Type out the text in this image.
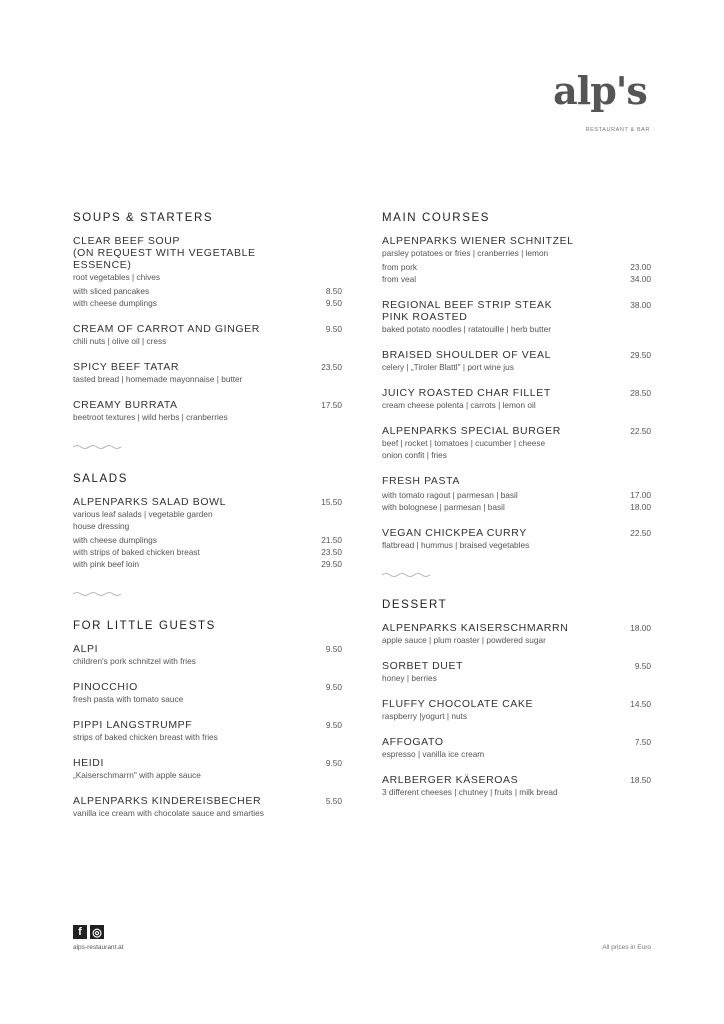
alp's
RESTAURANT & BAR
SOUPS & STARTERS
CLEAR BEEF SOUP
(ON REQUEST WITH VEGETABLE ESSENCE)
root vegetables | chives
with sliced pancakes	8.50
with cheese dumplings	9.50
CREAM OF CARROT AND GINGER	9.50
chili nuts | olive oil | cress
SPICY BEEF TATAR	23.50
tasted bread | homemade mayonnaise | butter
CREAMY BURRATA	17.50
beetroot textures | wild herbs | cranberries
SALADS
ALPENPARKS SALAD BOWL	15.50
various leaf salads | vegetable garden
house dressing
with cheese dumplings	21.50
with strips of baked chicken breast	23.50
with pink beef loin	29.50
FOR LITTLE GUESTS
ALPI	9.50
children's pork schnitzel with fries
PINOCCHIO	9.50
fresh pasta with tomato sauce
PIPPI LANGSTRUMPF	9.50
strips of baked chicken breast with fries
HEIDI	9.50
„Kaiserschmarrn" with apple sauce
ALPENPARKS KINDEREISBECHER	5.50
vanilla ice cream with chocolate sauce and smarties
MAIN COURSES
ALPENPARKS WIENER SCHNITZEL
parsley potatoes or fries | cranberries | lemon
from pork	23.00
from veal	34.00
REGIONAL BEEF STRIP STEAK	38.00
PINK ROASTED
baked potato noodles | ratatouille | herb butter
BRAISED SHOULDER OF VEAL	29.50
celery | „Tiroler Blattl" | port wine jus
JUICY ROASTED CHAR FILLET	28.50
cream cheese polenta | carrots | lemon oil
ALPENPARKS SPECIAL BURGER	22.50
beef | rocket | tomatoes | cucumber | cheese
onion confit | fries
FRESH PASTA
with tomato ragout | parmesan | basil	17.00
with bolognese | parmesan | basil	18.00
VEGAN CHICKPEA CURRY	22.50
flatbread | hummus | braised vegetables
DESSERT
ALPENPARKS KAISERSCHMARRN	18.00
apple sauce | plum roaster | powdered sugar
SORBET DUET	9.50
honey | berries
FLUFFY CHOCOLATE CAKE	14.50
raspberry |yogurt | nuts
AFFOGATO	7.50
espresso | vanilla ice cream
ARLBERGER KÄSEROAS	18.50
3 different cheeses | chutney | fruits | milk bread
f ◎
alps-restaurant.at	All prices in Euro
